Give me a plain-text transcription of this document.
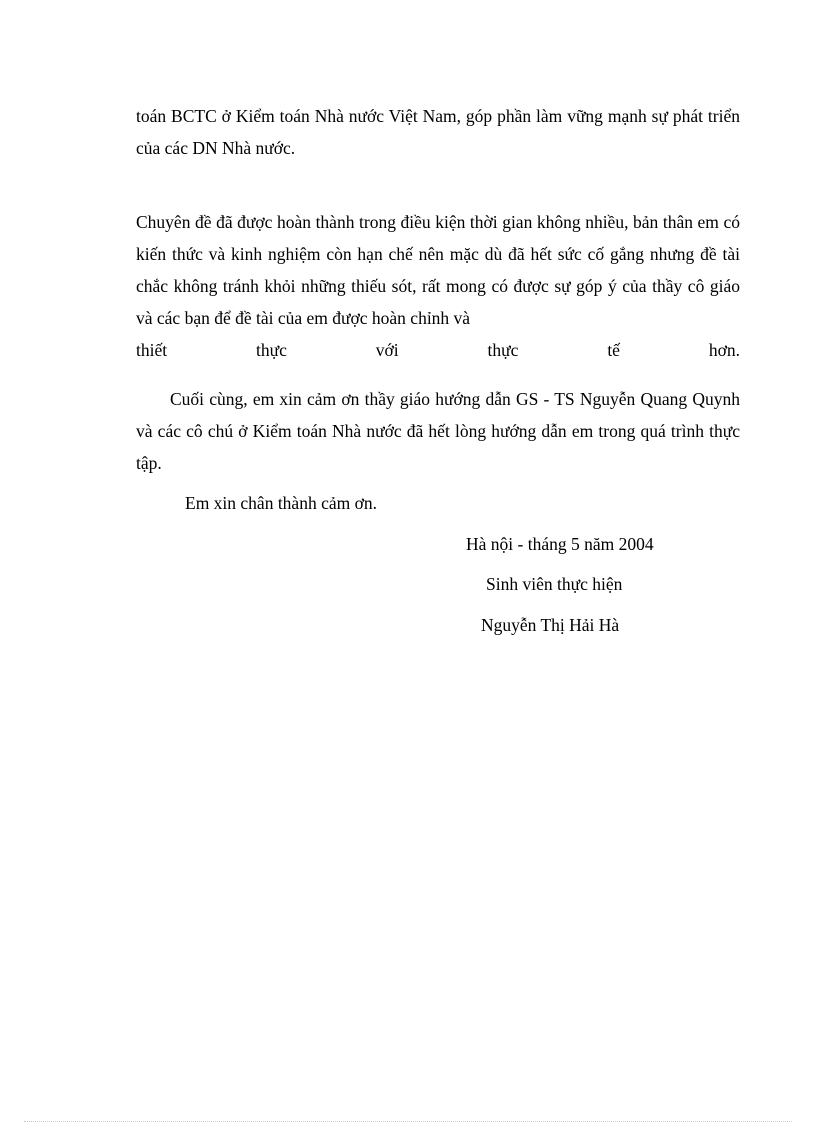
toán BCTC ở Kiểm toán Nhà nước Việt Nam, góp phần làm vững mạnh sự phát triển của các DN Nhà nước.
Chuyên đề đã được hoàn thành trong điều kiện thời gian không nhiều, bản thân em có kiến thức và kinh nghiệm còn hạn chế nên mặc dù đã hết sức cố gắng nhưng đề tài chắc không tránh khỏi những thiếu sót, rất mong có được sự góp ý của thầy cô giáo và các bạn để đề tài của em được hoàn chỉnh và
thiết thực với thực tế hơn.
Cuối cùng, em xin cảm ơn thầy giáo hướng dẫn GS - TS Nguyễn Quang Quynh và các cô chú ở Kiểm toán Nhà nước đã hết lòng hướng dẫn em trong quá trình thực tập.
Em xin chân thành cảm ơn.
Hà nội - tháng 5 năm 2004
Sinh viên thực hiện
Nguyễn Thị Hải Hà
